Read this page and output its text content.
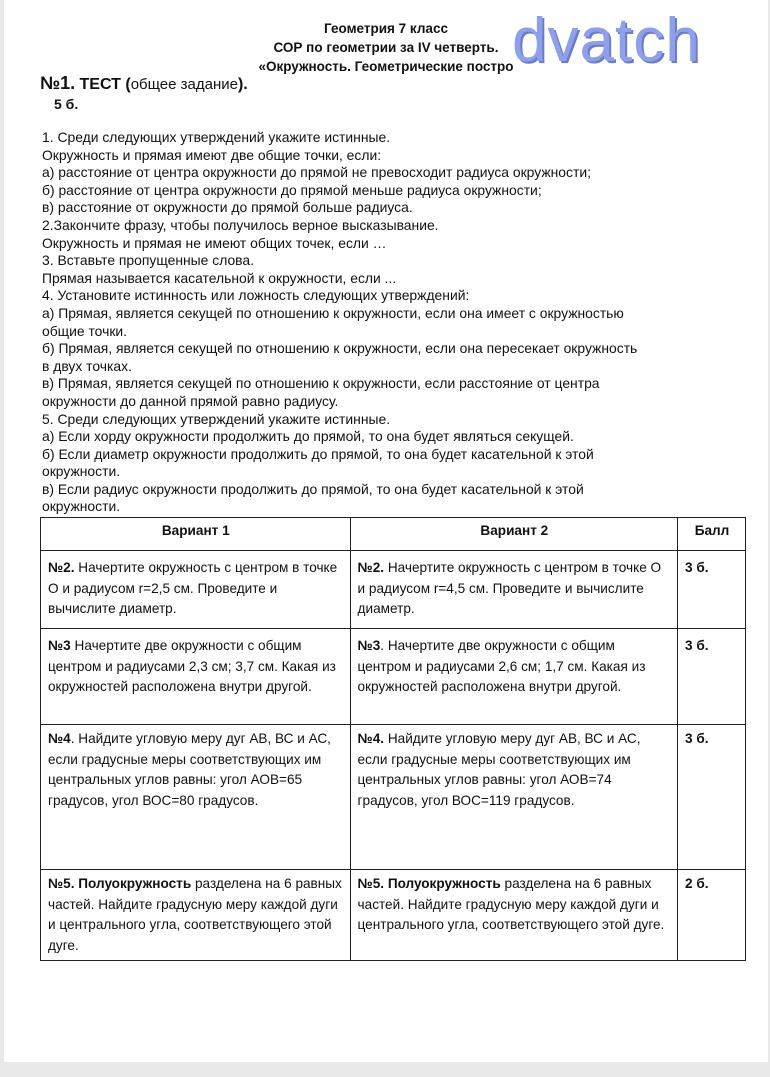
Геометрия 7 класс
СОР по геометрии за IV четверть.
«Окружность. Геометрические постро
dvatch
№1. ТЕСТ (общее задание).
5 б.
1. Среди следующих утверждений укажите истинные.
Окружность и прямая имеют две общие точки, если:
а) расстояние от центра окружности до прямой не превосходит радиуса окружности;
б) расстояние от центра окружности до прямой меньше радиуса окружности;
в) расстояние от окружности до прямой больше радиуса.
2.Закончите фразу, чтобы получилось верное высказывание.
Окружность и прямая не имеют общих точек, если …
3. Вставьте пропущенные слова.
Прямая называется касательной к окружности, если ...
4. Установите истинность или ложность следующих утверждений:
а) Прямая, является секущей по отношению к окружности, если она имеет с окружностью
общие точки.
б) Прямая, является секущей по отношению к окружности, если она пересекает окружность
в двух точках.
в) Прямая, является секущей по отношению к окружности, если расстояние от центра
окружности до данной прямой равно радиусу.
5. Среди следующих утверждений укажите истинные.
а) Если хорду окружности продолжить до прямой, то она будет являться секущей.
б) Если диаметр окружности продолжить до прямой, то она будет касательной к этой
окружности.
в) Если радиус окружности продолжить до прямой, то она будет касательной к этой
окружности.
Вариант 1	Вариант 2	Балл
№2. Начертите окружность с центром в точке О и радиусом r=2,5 см. Проведите и вычислите диаметр.	№2. Начертите окружность с центром в точке О и радиусом r=4,5 см. Проведите и вычислите диаметр.	3 б.
№3 Начертите две окружности с общим центром и радиусами 2,3 см; 3,7 см. Какая из окружностей расположена внутри другой.	№3. Начертите две окружности с общим центром и радиусами 2,6 см; 1,7 см. Какая из окружностей расположена внутри другой.	3 б.
№4. Найдите угловую меру дуг АВ, ВС и АС, если градусные меры соответствующих им центральных углов равны: угол АОВ=65 градусов, угол ВОС=80 градусов.	№4. Найдите угловую меру дуг АВ, ВС и АС, если градусные меры соответствующих им центральных углов равны: угол АОВ=74 градусов, угол ВОС=119 градусов.	3 б.
№5. Полуокружность разделена на 6 равных частей. Найдите градусную меру каждой дуги и центрального угла, соответствующего этой дуге.	№5. Полуокружность разделена на 6 равных частей. Найдите градусную меру каждой дуги и центрального угла, соответствующего этой дуге.	2 б.
